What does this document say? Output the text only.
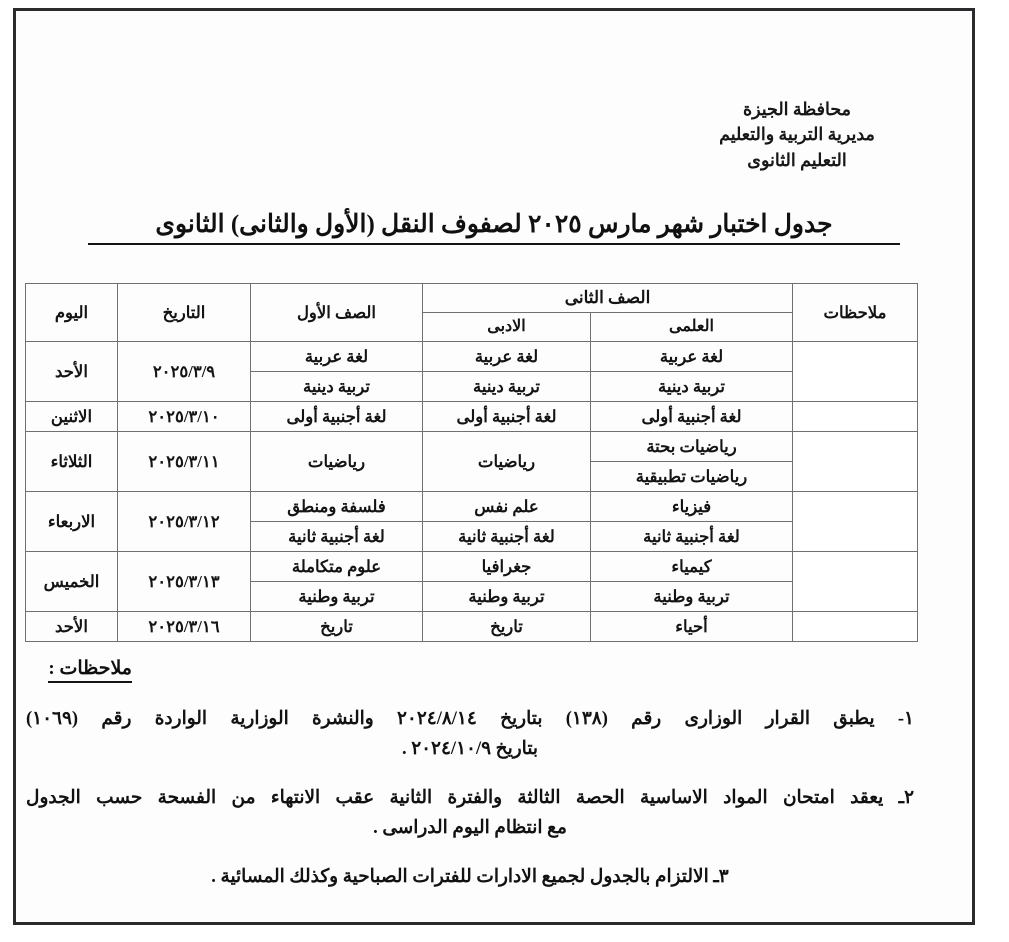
محافظة الجيزة
مديرية التربية والتعليم
التعليم الثانوى
جدول اختبار شهر مارس ٢٠٢٥ لصفوف النقل (الأول والثانى) الثانوى
ملاحظات	الصف الثانى		الصف الأول	التاريخ	اليوم
	العلمى	الادبى			
	لغة عربية	لغة عربية	لغة عربية	٢٠٢٥/٣/٩	الأحد
	تربية دينية	تربية دينية	تربية دينية		
	لغة أجنبية أولى	لغة أجنبية أولى	لغة أجنبية أولى	٢٠٢٥/٣/١٠	الاثنين
	رياضيات بحتة	رياضيات	رياضيات	٢٠٢٥/٣/١١	الثلاثاء
	رياضيات تطبيقية				
	فيزياء	علم نفس	فلسفة ومنطق	٢٠٢٥/٣/١٢	الاربعاء
	لغة أجنبية ثانية	لغة أجنبية ثانية	لغة أجنبية ثانية		
	كيمياء	جغرافيا	علوم متكاملة	٢٠٢٥/٣/١٣	الخميس
	تربية وطنية	تربية وطنية	تربية وطنية		
	أحياء	تاريخ	تاريخ	٢٠٢٥/٣/١٦	الأحد
ملاحظات :
١- يطبق القرار الوزارى رقم (١٣٨) بتاريخ ٢٠٢٤/٨/١٤ والنشرة الوزارية الواردة رقم (١٠٦٩)
بتاريخ ٢٠٢٤/١٠/٩ .
٢ـ يعقد امتحان المواد الاساسية الحصة الثالثة والفترة الثانية عقب الانتهاء من الفسحة حسب الجدول
مع انتظام اليوم الدراسى .
٣ـ الالتزام بالجدول لجميع الادارات للفترات الصباحية وكذلك المسائية .
